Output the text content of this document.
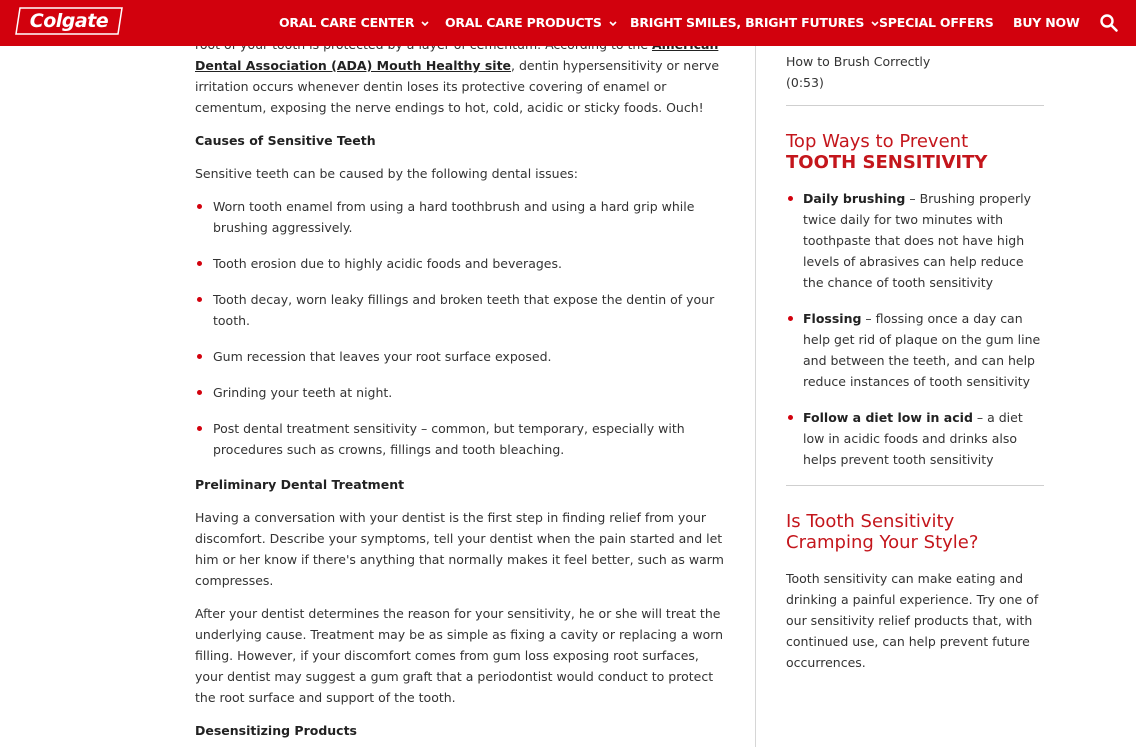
Colgate	ORAL CARE CENTER	ORAL CARE PRODUCTS	BRIGHT SMILES, BRIGHT FUTURES	SPECIAL OFFERS BUY NOW

Dental Association (ADA) Mouth Healthy site, dentin hypersensitivity or nerve irritation occurs whenever dentin loses its protective covering of enamel or cementum, exposing the nerve endings to hot, cold, acidic or sticky foods. Ouch!

Causes of Sensitive Teeth

Sensitive teeth can be caused by the following dental issues:

Worn tooth enamel from using a hard toothbrush and using a hard grip while brushing aggressively.
Tooth erosion due to highly acidic foods and beverages.
Tooth decay, worn leaky fillings and broken teeth that expose the dentin of your tooth.
Gum recession that leaves your root surface exposed.
Grinding your teeth at night.
Post dental treatment sensitivity – common, but temporary, especially with procedures such as crowns, fillings and tooth bleaching.

Preliminary Dental Treatment

Having a conversation with your dentist is the first step in finding relief from your discomfort. Describe your symptoms, tell your dentist when the pain started and let him or her know if there's anything that normally makes it feel better, such as warm compresses.

After your dentist determines the reason for your sensitivity, he or she will treat the underlying cause. Treatment may be as simple as fixing a cavity or replacing a worn filling. However, if your discomfort comes from gum loss exposing root surfaces, your dentist may suggest a gum graft that a periodontist would conduct to protect the root surface and support of the tooth.

Desensitizing Products

How to Brush Correctly
(0:53)
Top Ways to Prevent TOOTH SENSITIVITY
Daily brushing – Brushing properly twice daily for two minutes with toothpaste that does not have high levels of abrasives can help reduce the chance of tooth sensitivity
Flossing – flossing once a day can help get rid of plaque on the gum line and between the teeth, and can help reduce instances of tooth sensitivity
Follow a diet low in acid – a diet low in acidic foods and drinks also helps prevent tooth sensitivity
Is Tooth Sensitivity Cramping Your Style?

Tooth sensitivity can make eating and drinking a painful experience. Try one of our sensitivity relief products that, with continued use, can help prevent future occurrences.
